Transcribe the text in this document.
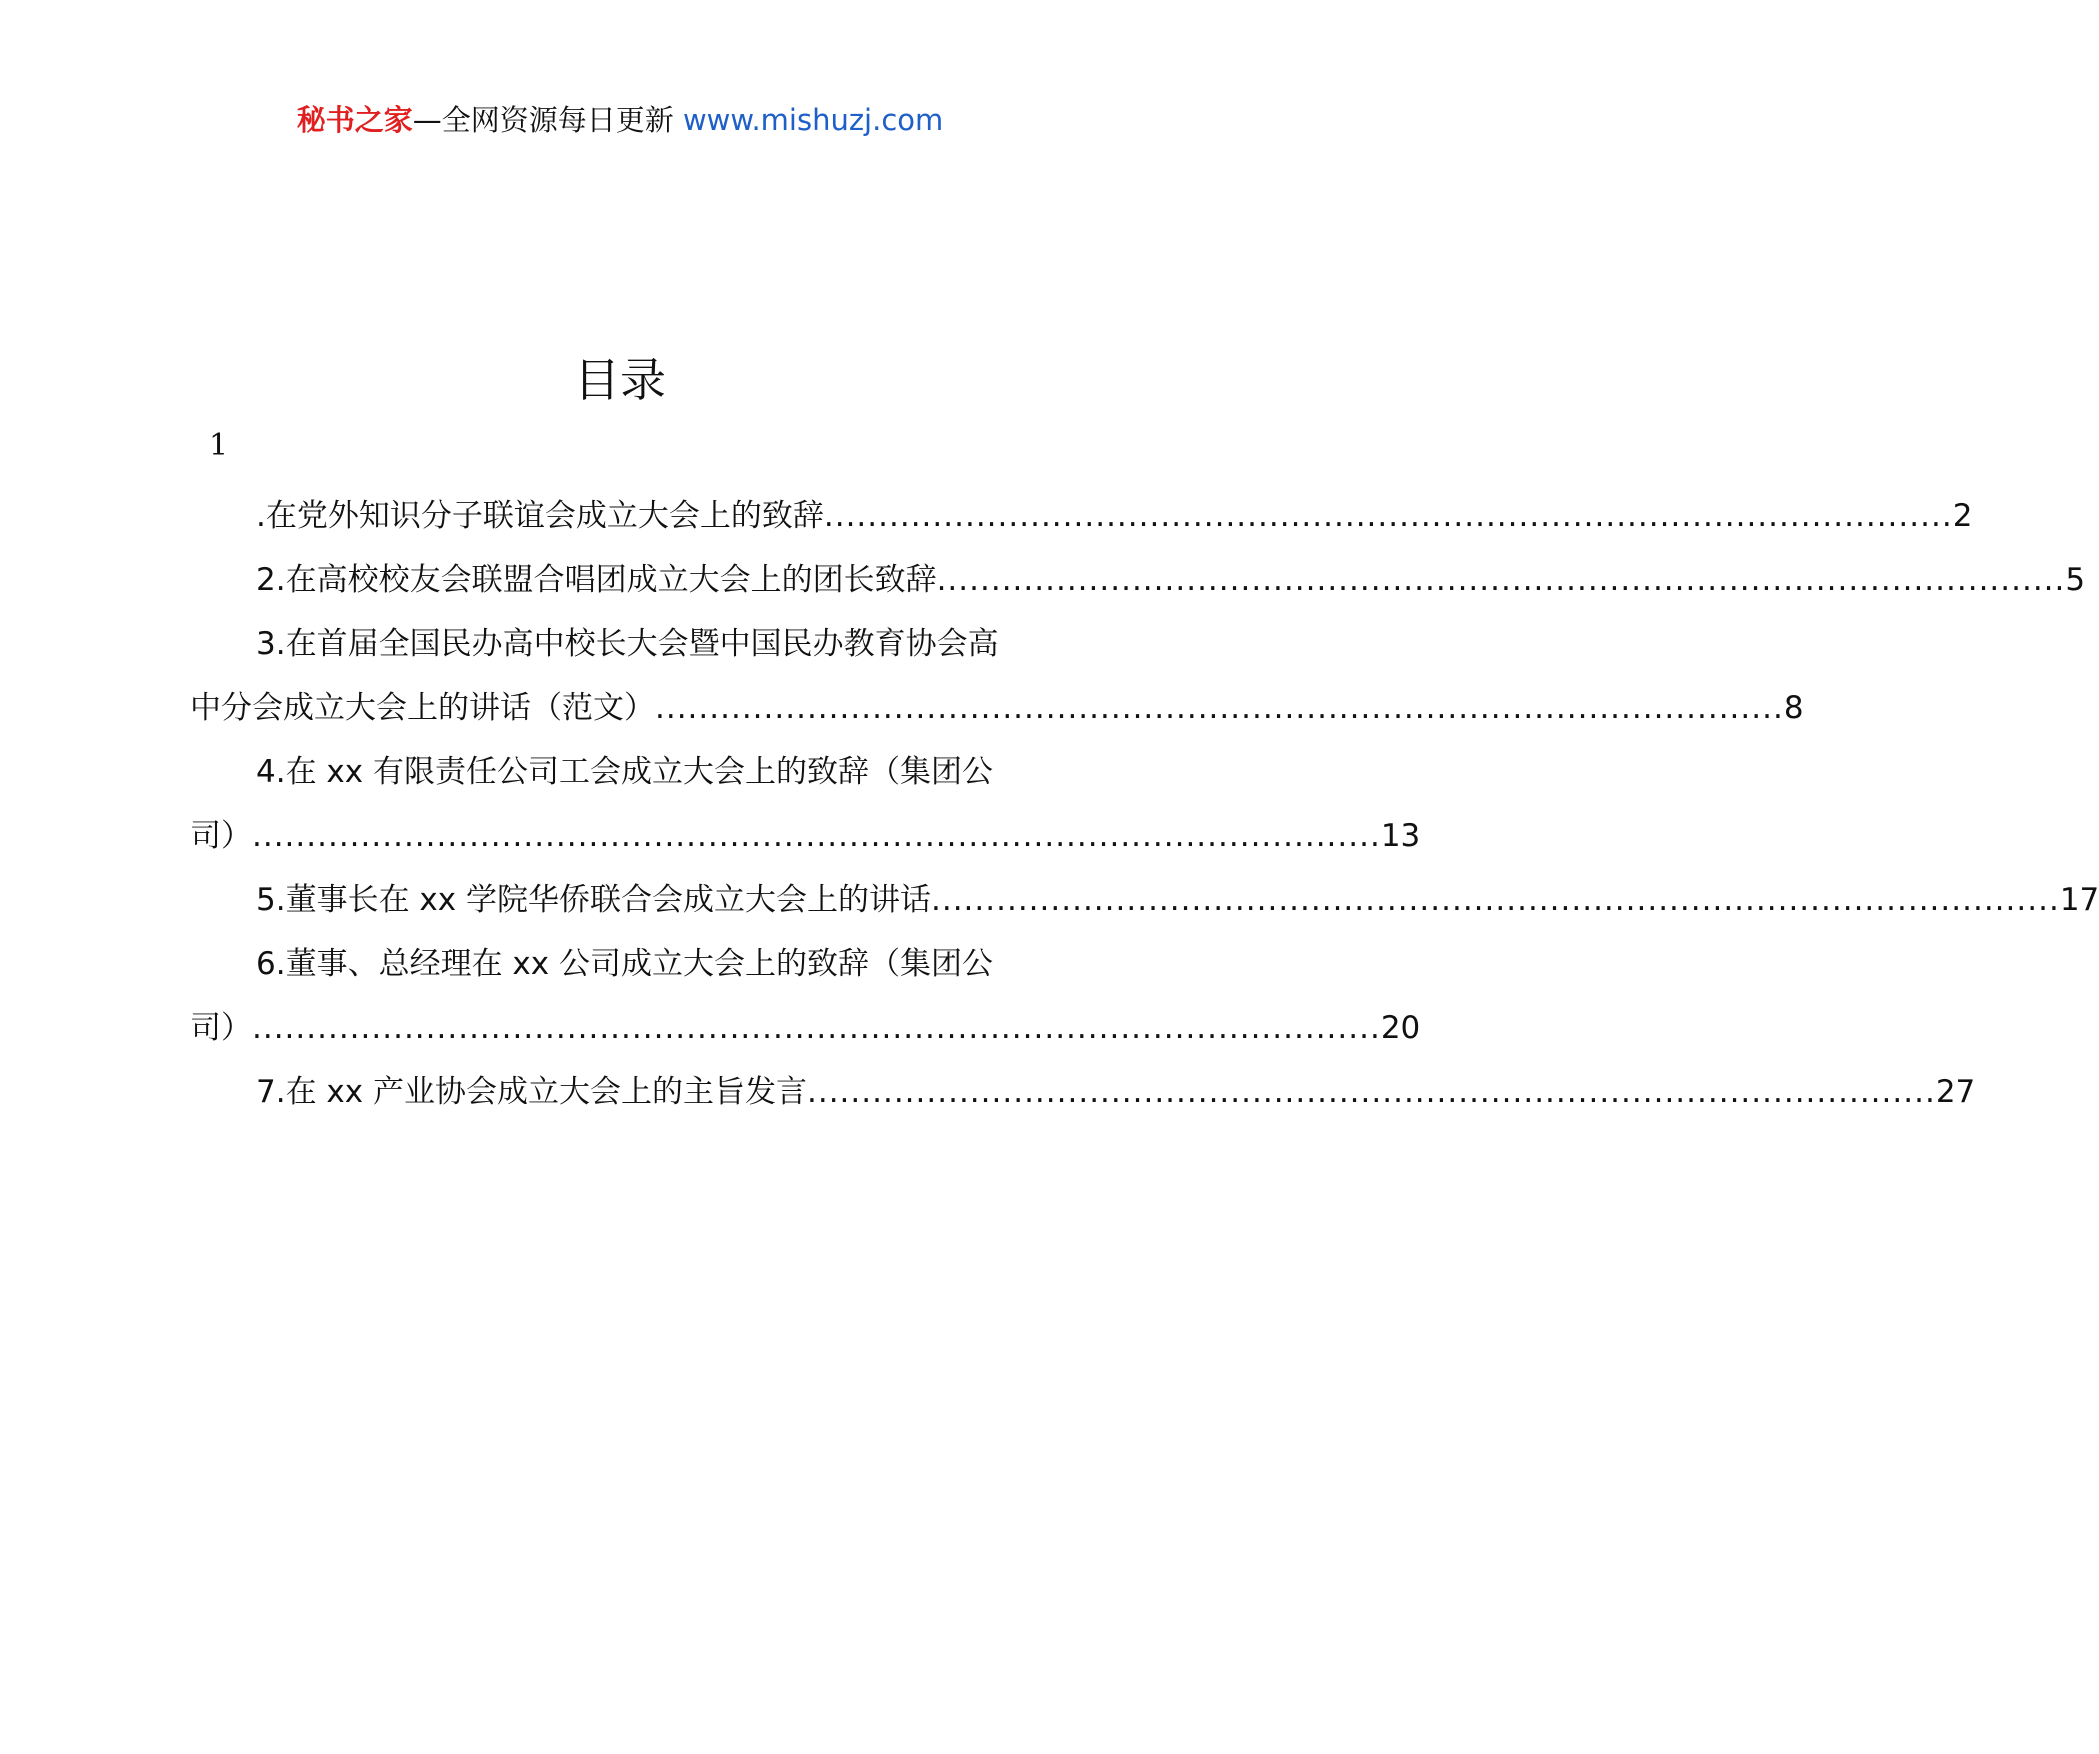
秘书之家—全网资源每日更新 www.mishuzj.com
目录
1
.在党外知识分子联谊会成立大会上的致辞 ........................................................................................................ 2
2.在高校校友会联盟合唱团成立大会上的团长致辞 ........................................................................................................ 5
3.在首届全国民办高中校长大会暨中国民办教育协会高
中分会成立大会上的讲话（范文） ........................................................................................................ 8
4.在 xx 有限责任公司工会成立大会上的致辞（集团公
司） ........................................................................................................ 13
5.董事长在 xx 学院华侨联合会成立大会上的讲话 ........................................................................................................ 17
6.董事、总经理在 xx 公司成立大会上的致辞（集团公
司） ........................................................................................................ 20
7.在 xx 产业协会成立大会上的主旨发言 ........................................................................................................ 27
